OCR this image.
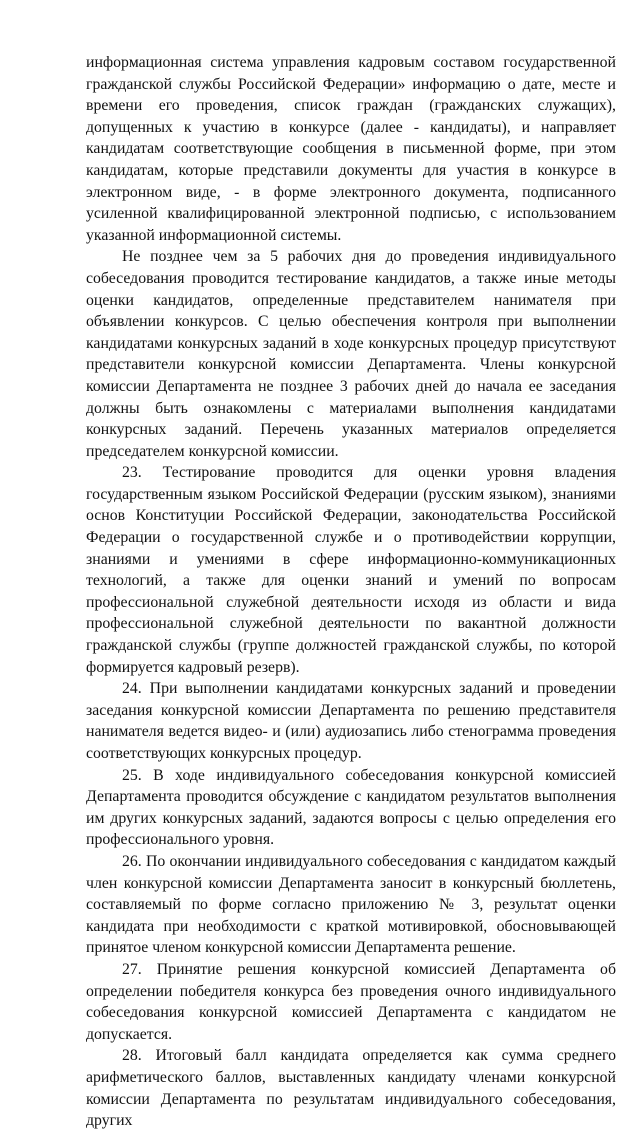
информационная система управления кадровым составом государственной гражданской службы Российской Федерации» информацию о дате, месте и времени его проведения, список граждан (гражданских служащих), допущенных к участию в конкурсе (далее - кандидаты), и направляет кандидатам соответствующие сообщения в письменной форме, при этом кандидатам, которые представили документы для участия в конкурсе в электронном виде, - в форме электронного документа, подписанного усиленной квалифицированной электронной подписью, с использованием указанной информационной системы.

Не позднее чем за 5 рабочих дня до проведения индивидуального собеседования проводится тестирование кандидатов, а также иные методы оценки кандидатов, определенные представителем нанимателя при объявлении конкурсов. С целью обеспечения контроля при выполнении кандидатами конкурсных заданий в ходе конкурсных процедур присутствуют представители конкурсной комиссии Департамента. Члены конкурсной комиссии Департамента не позднее 3 рабочих дней до начала ее заседания должны быть ознакомлены с материалами выполнения кандидатами конкурсных заданий. Перечень указанных материалов определяется председателем конкурсной комиссии.

23. Тестирование проводится для оценки уровня владения государственным языком Российской Федерации (русским языком), знаниями основ Конституции Российской Федерации, законодательства Российской Федерации о государственной службе и о противодействии коррупции, знаниями и умениями в сфере информационно-коммуникационных технологий, а также для оценки знаний и умений по вопросам профессиональной служебной деятельности исходя из области и вида профессиональной служебной деятельности по вакантной должности гражданской службы (группе должностей гражданской службы, по которой формируется кадровый резерв).

24. При выполнении кандидатами конкурсных заданий и проведении заседания конкурсной комиссии Департамента по решению представителя нанимателя ведется видео- и (или) аудиозапись либо стенограмма проведения соответствующих конкурсных процедур.

25. В ходе индивидуального собеседования конкурсной комиссией Департамента проводится обсуждение с кандидатом результатов выполнения им других конкурсных заданий, задаются вопросы с целью определения его профессионального уровня.

26. По окончании индивидуального собеседования с кандидатом каждый член конкурсной комиссии Департамента заносит в конкурсный бюллетень, составляемый по форме согласно приложению № 3, результат оценки кандидата при необходимости с краткой мотивировкой, обосновывающей принятое членом конкурсной комиссии Департамента решение.

27. Принятие решения конкурсной комиссией Департамента об определении победителя конкурса без проведения очного индивидуального собеседования конкурсной комиссией Департамента с кандидатом не допускается.

28. Итоговый балл кандидата определяется как сумма среднего арифметического баллов, выставленных кандидату членами конкурсной комиссии Департамента по результатам индивидуального собеседования, других
